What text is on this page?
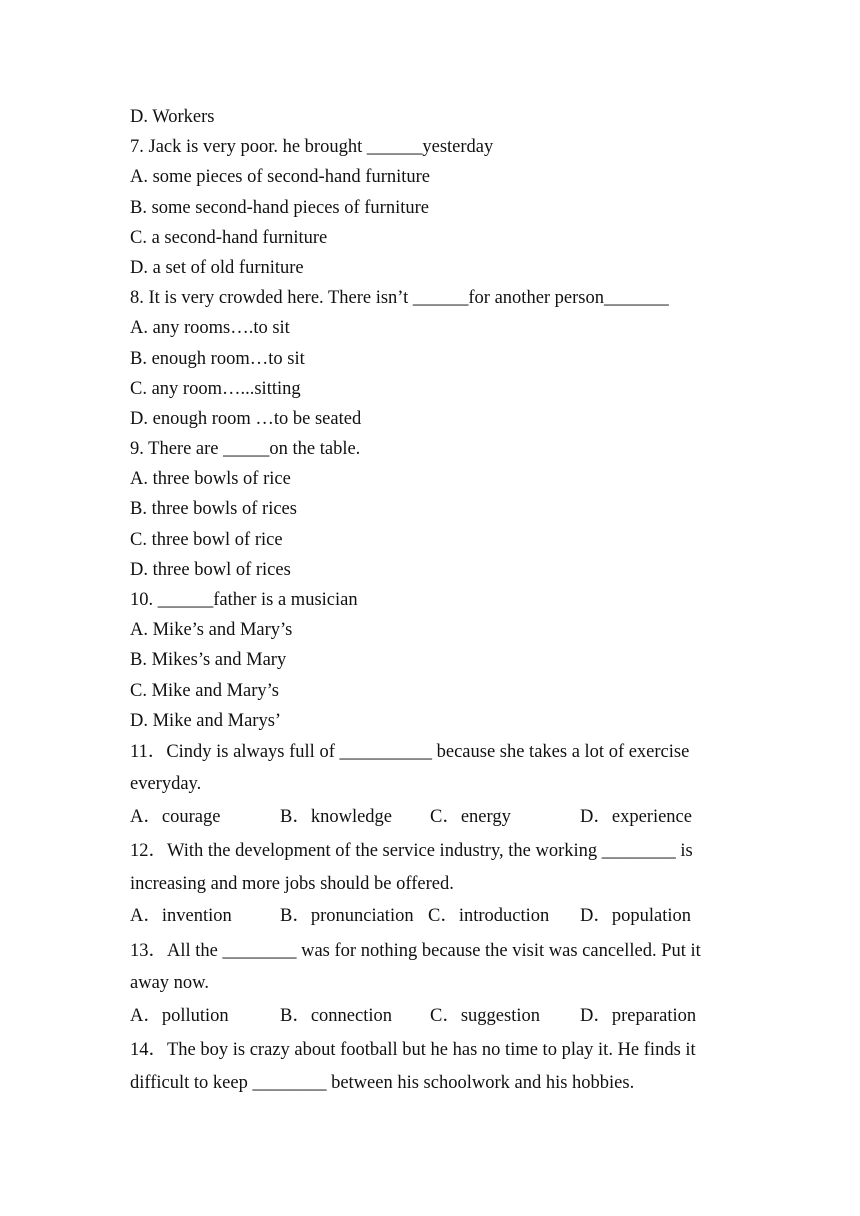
D. Workers
7. Jack is very poor. he brought ______yesterday
A. some pieces of second-hand furniture
B. some second-hand pieces of furniture
C. a second-hand furniture
D. a set of old furniture
8. It is very crowded here. There isn’t ______for another person_______
A. any rooms….to sit
B. enough room…to sit
C. any room…...sitting
D. enough room …to be seated
9. There are _____on the table.
A. three bowls of rice
B. three bowls of rices
C. three bowl of rice
D. three bowl of rices
10. ______father is a musician
A. Mike’s and Mary’s
B. Mikes’s and Mary
C. Mike and Mary’s
D. Mike and Marys’
11．Cindy is always full of __________ because she takes a lot of exercise everyday.
A．courage	B．knowledge	C．energy	D．experience
12．With the development of the service industry, the working ________ is increasing and more jobs should be offered.
A．invention	B．pronunciation C．introduction	D．population
13．All the ________ was for nothing because the visit was cancelled. Put it away now.
A．pollution	B．connection	C．suggestion	D．preparation
14．The boy is crazy about football but he has no time to play it. He finds it difficult to keep ________ between his schoolwork and his hobbies.
